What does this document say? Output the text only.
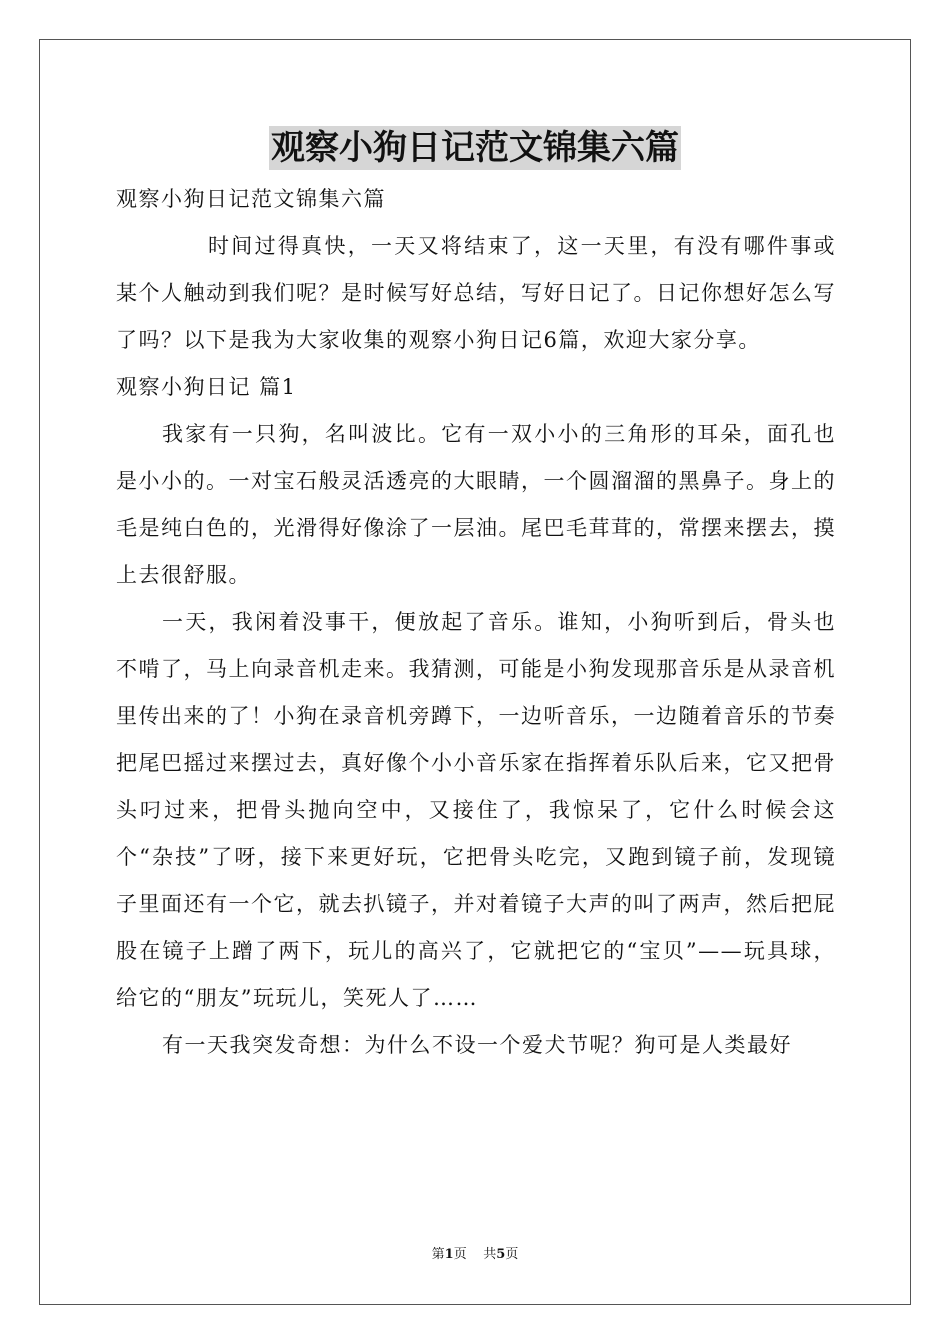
观察小狗日记范文锦集六篇

观察小狗日记范文锦集六篇

时间过得真快，一天又将结束了，这一天里，有没有哪件事或某个人触动到我们呢？是时候写好总结，写好日记了。日记你想好怎么写了吗？以下是我为大家收集的观察小狗日记6篇，欢迎大家分享。

观察小狗日记 篇1

我家有一只狗，名叫波比。它有一双小小的三角形的耳朵，面孔也是小小的。一对宝石般灵活透亮的大眼睛，一个圆溜溜的黑鼻子。身上的毛是纯白色的，光滑得好像涂了一层油。尾巴毛茸茸的，常摆来摆去，摸上去很舒服。

一天，我闲着没事干，便放起了音乐。谁知，小狗听到后，骨头也不啃了，马上向录音机走来。我猜测，可能是小狗发现那音乐是从录音机里传出来的了！小狗在录音机旁蹲下，一边听音乐，一边随着音乐的节奏把尾巴摇过来摆过去，真好像个小小音乐家在指挥着乐队后来，它又把骨头叼过来，把骨头抛向空中，又接住了，我惊呆了，它什么时候会这个“杂技”了呀，接下来更好玩，它把骨头吃完，又跑到镜子前，发现镜子里面还有一个它，就去扒镜子，并对着镜子大声的叫了两声，然后把屁股在镜子上蹭了两下，玩儿的高兴了，它就把它的“宝贝”——玩具球，给它的“朋友”玩玩儿，笑死人了……

有一天我突发奇想：为什么不设一个爱犬节呢？狗可是人类最好

第1页 共5页
